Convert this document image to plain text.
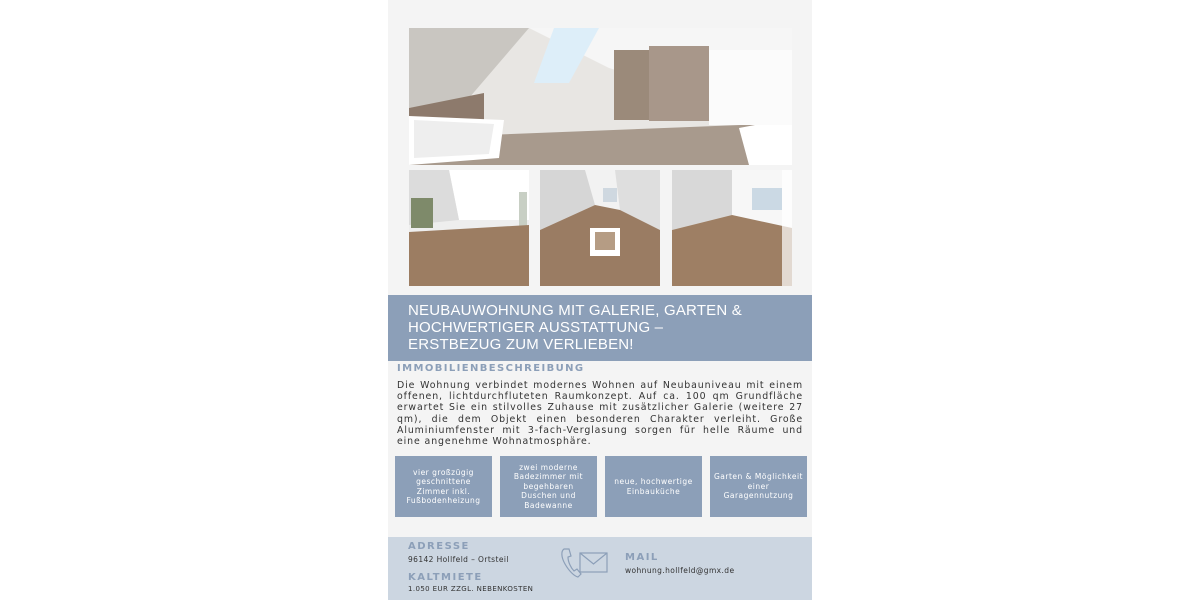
NEUBAUWOHNUNG MIT GALERIE, GARTEN &
HOCHWERTIGER AUSSTATTUNG –
ERSTBEZUG ZUM VERLIEBEN!
IMMOBILIENBESCHREIBUNG
Die Wohnung verbindet modernes Wohnen auf Neubauniveau mit einem offenen, lichtdurchfluteten Raumkonzept. Auf ca. 100 qm Grundfläche erwartet Sie ein stilvolles Zuhause mit zusätzlicher Galerie (weitere 27 qm), die dem Objekt einen besonderen Charakter verleiht. Große Aluminiumfenster mit 3-fach-Verglasung sorgen für helle Räume und eine angenehme Wohnatmosphäre.
vier großzügig geschnittene Zimmer inkl. Fußbodenheizung
zwei moderne Badezimmer mit begehbaren Duschen und Badewanne
neue, hochwertige Einbauküche
Garten & Möglichkeit einer Garagennutzung
ADRESSE
96142 Hollfeld – Ortsteil
KALTMIETE
1.050 EUR ZZGL. NEBENKOSTEN
MAIL
wohnung.hollfeld@gmx.de
